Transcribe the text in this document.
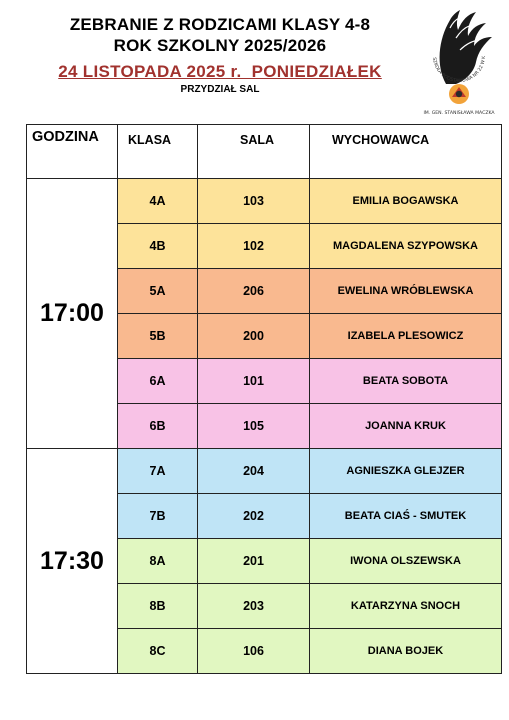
ZEBRANIE Z RODZICAMI KLASY 4-8
ROK SZKOLNY 2025/2026
24 LISTOPADA 2025 r.  PONIEDZIAŁEK
PRZYDZIAŁ SAL
SZKOŁA PODSTAWOWA NR 22 W K
IM. GEN. STANISŁAWA MACZKA
GODZINA	KLASA	SALA	WYCHOWAWCA
17:00	4A	103	EMILIA BOGAWSKA
	4B	102	MAGDALENA SZYPOWSKA
	5A	206	EWELINA WRÓBLEWSKA
	5B	200	IZABELA PLESOWICZ
	6A	101	BEATA SOBOTA
	6B	105	JOANNA KRUK
17:30	7A	204	AGNIESZKA GLEJZER
	7B	202	BEATA CIAŚ - SMUTEK
	8A	201	IWONA OLSZEWSKA
	8B	203	KATARZYNA SNOCH
	8C	106	DIANA BOJEK
